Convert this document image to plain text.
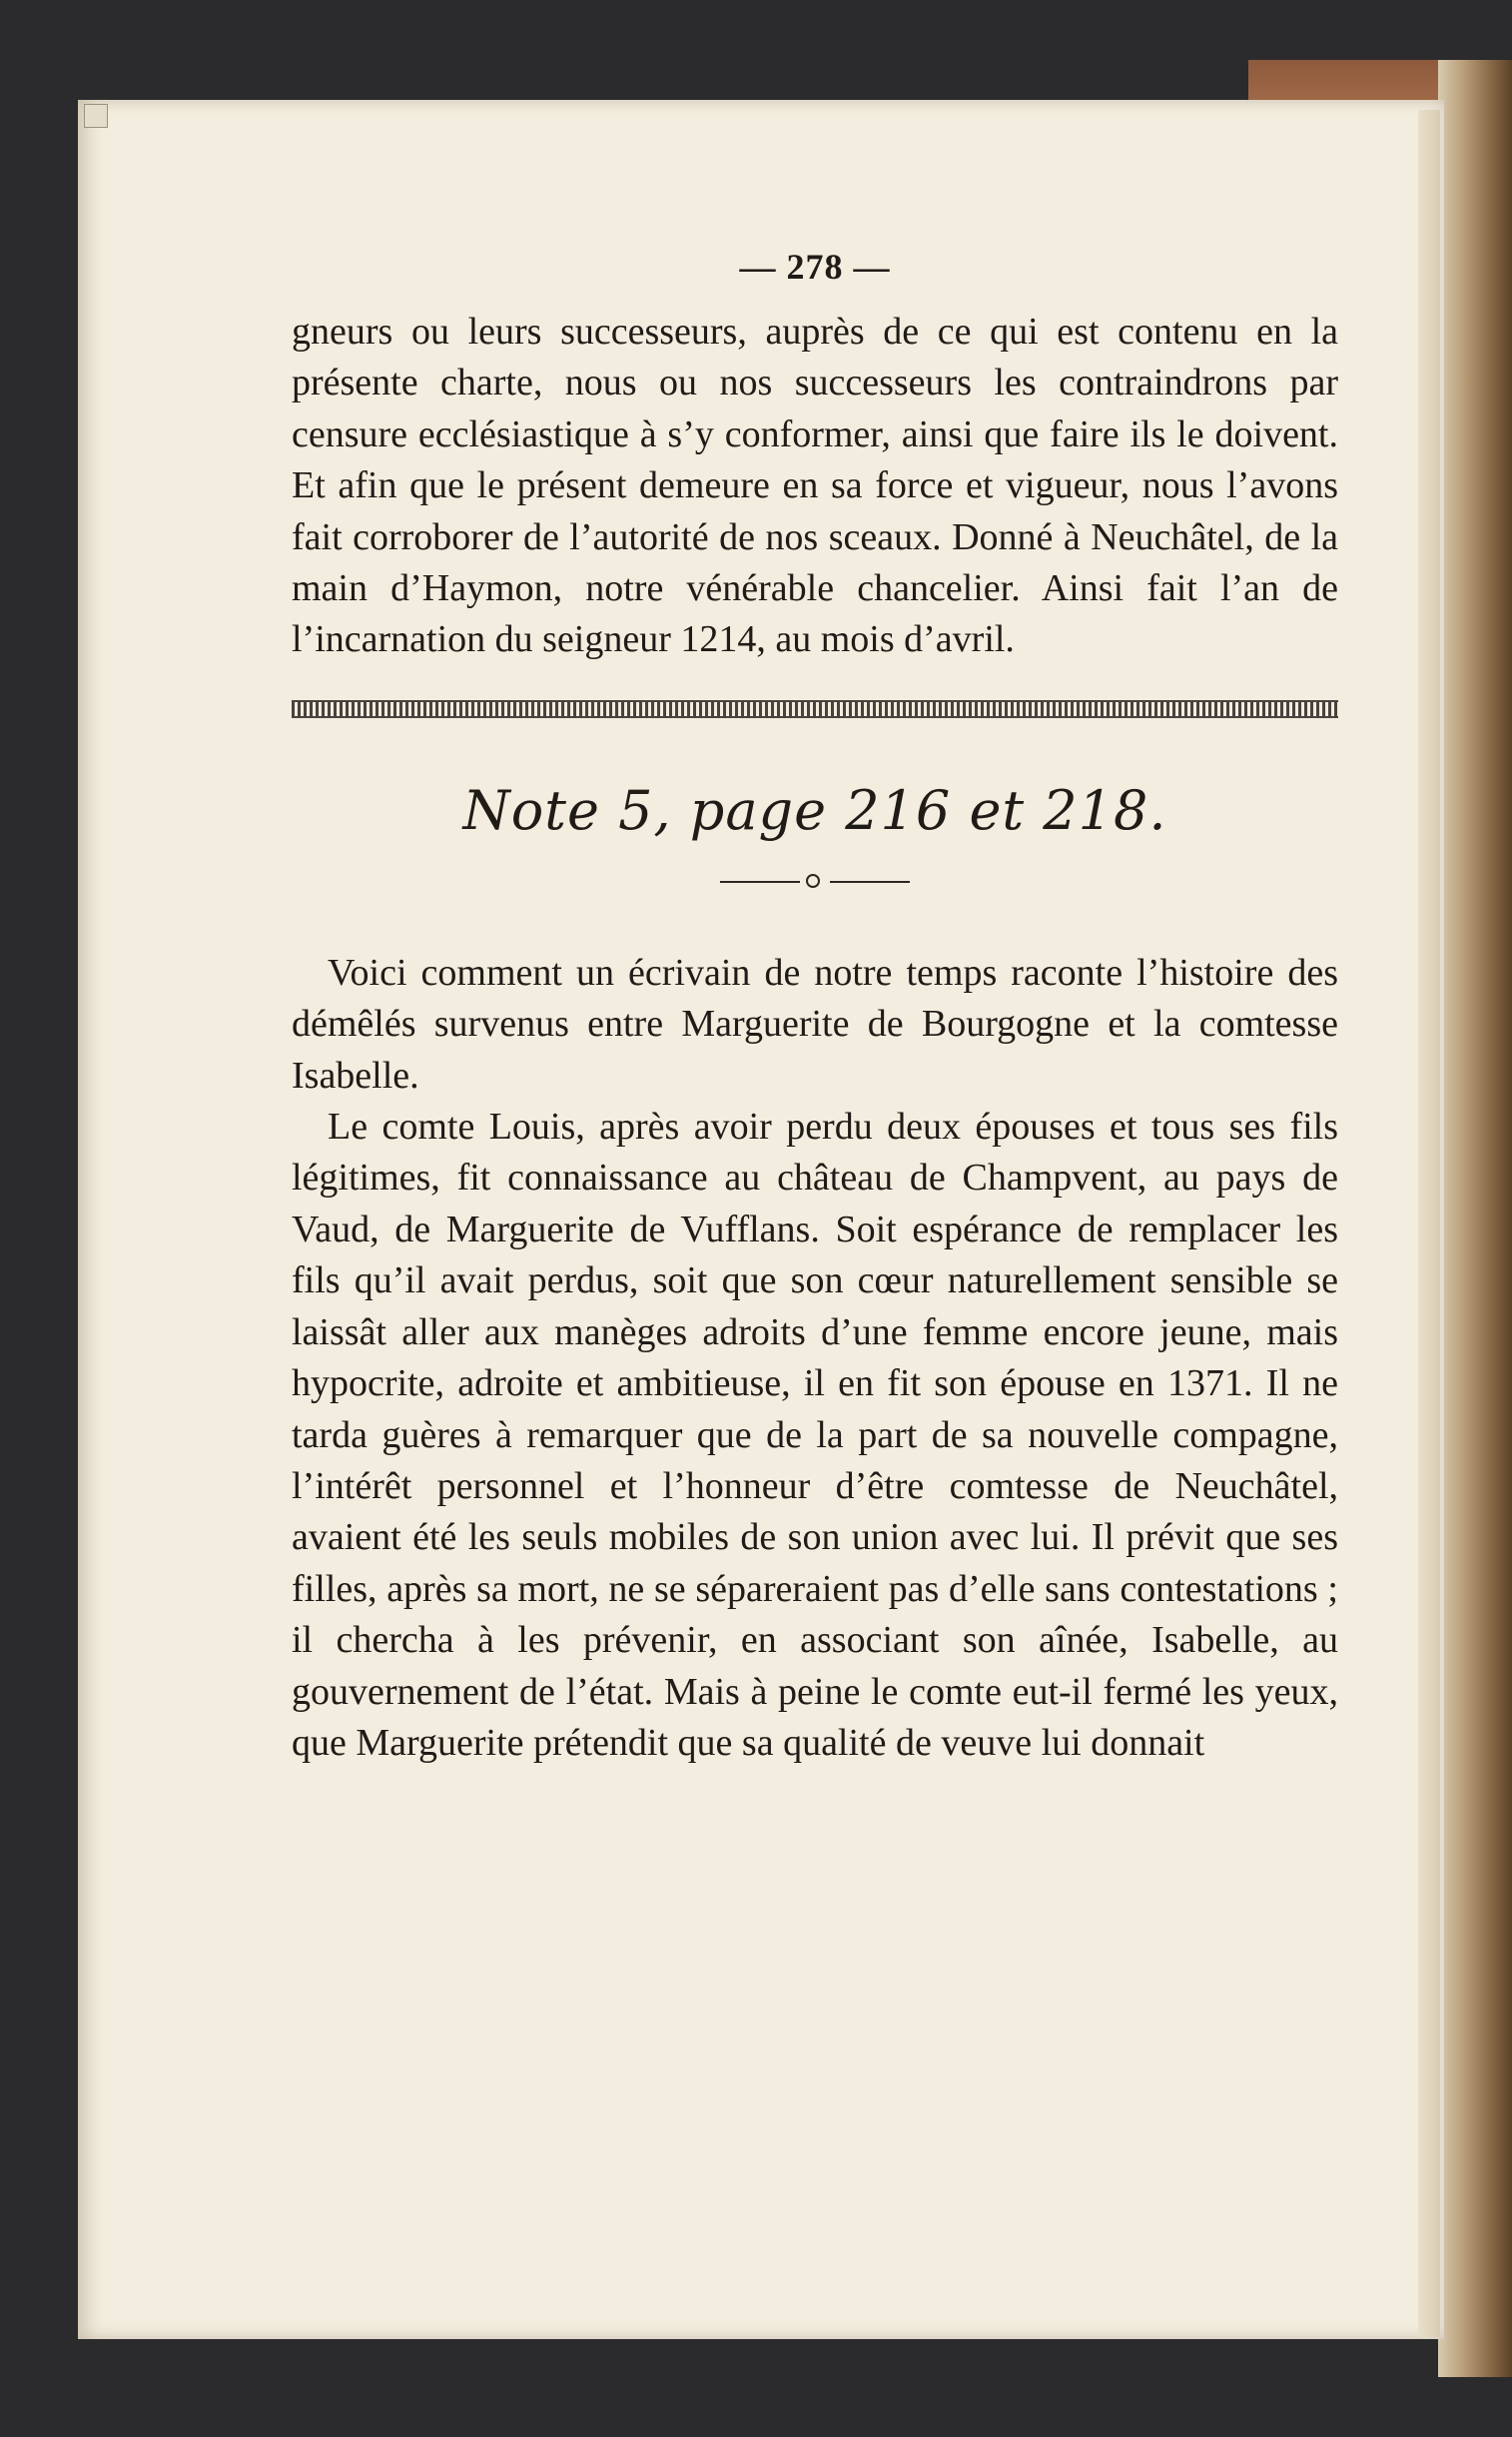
— 278 —

gneurs ou leurs successeurs, auprès de ce qui est contenu en la présente charte, nous ou nos successeurs les contraindrons par censure ecclésiastique à s’y conformer, ainsi que faire ils le doivent. Et afin que le présent demeure en sa force et vigueur, nous l’avons fait corroborer de l’autorité de nos sceaux. Donné à Neuchâtel, de la main d’Haymon, notre vénérable chancelier. Ainsi fait l’an de l’incarnation du seigneur 1214, au mois d’avril.

Note 5, page 216 et 218.

Voici comment un écrivain de notre temps raconte l’histoire des démêlés survenus entre Marguerite de Bourgogne et la comtesse Isabelle.

Le comte Louis, après avoir perdu deux épouses et tous ses fils légitimes, fit connaissance au château de Champvent, au pays de Vaud, de Marguerite de Vufflans. Soit espérance de remplacer les fils qu’il avait perdus, soit que son cœur naturellement sensible se laissât aller aux manèges adroits d’une femme encore jeune, mais hypocrite, adroite et ambitieuse, il en fit son épouse en 1371. Il ne tarda guères à remarquer que de la part de sa nouvelle compagne, l’intérêt personnel et l’honneur d’être comtesse de Neuchâtel, avaient été les seuls mobiles de son union avec lui. Il prévit que ses filles, après sa mort, ne se sépareraient pas d’elle sans contestations ; il chercha à les prévenir, en associant son aînée, Isabelle, au gouvernement de l’état. Mais à peine le comte eut-il fermé les yeux, que Marguerite prétendit que sa qualité de veuve lui donnait
